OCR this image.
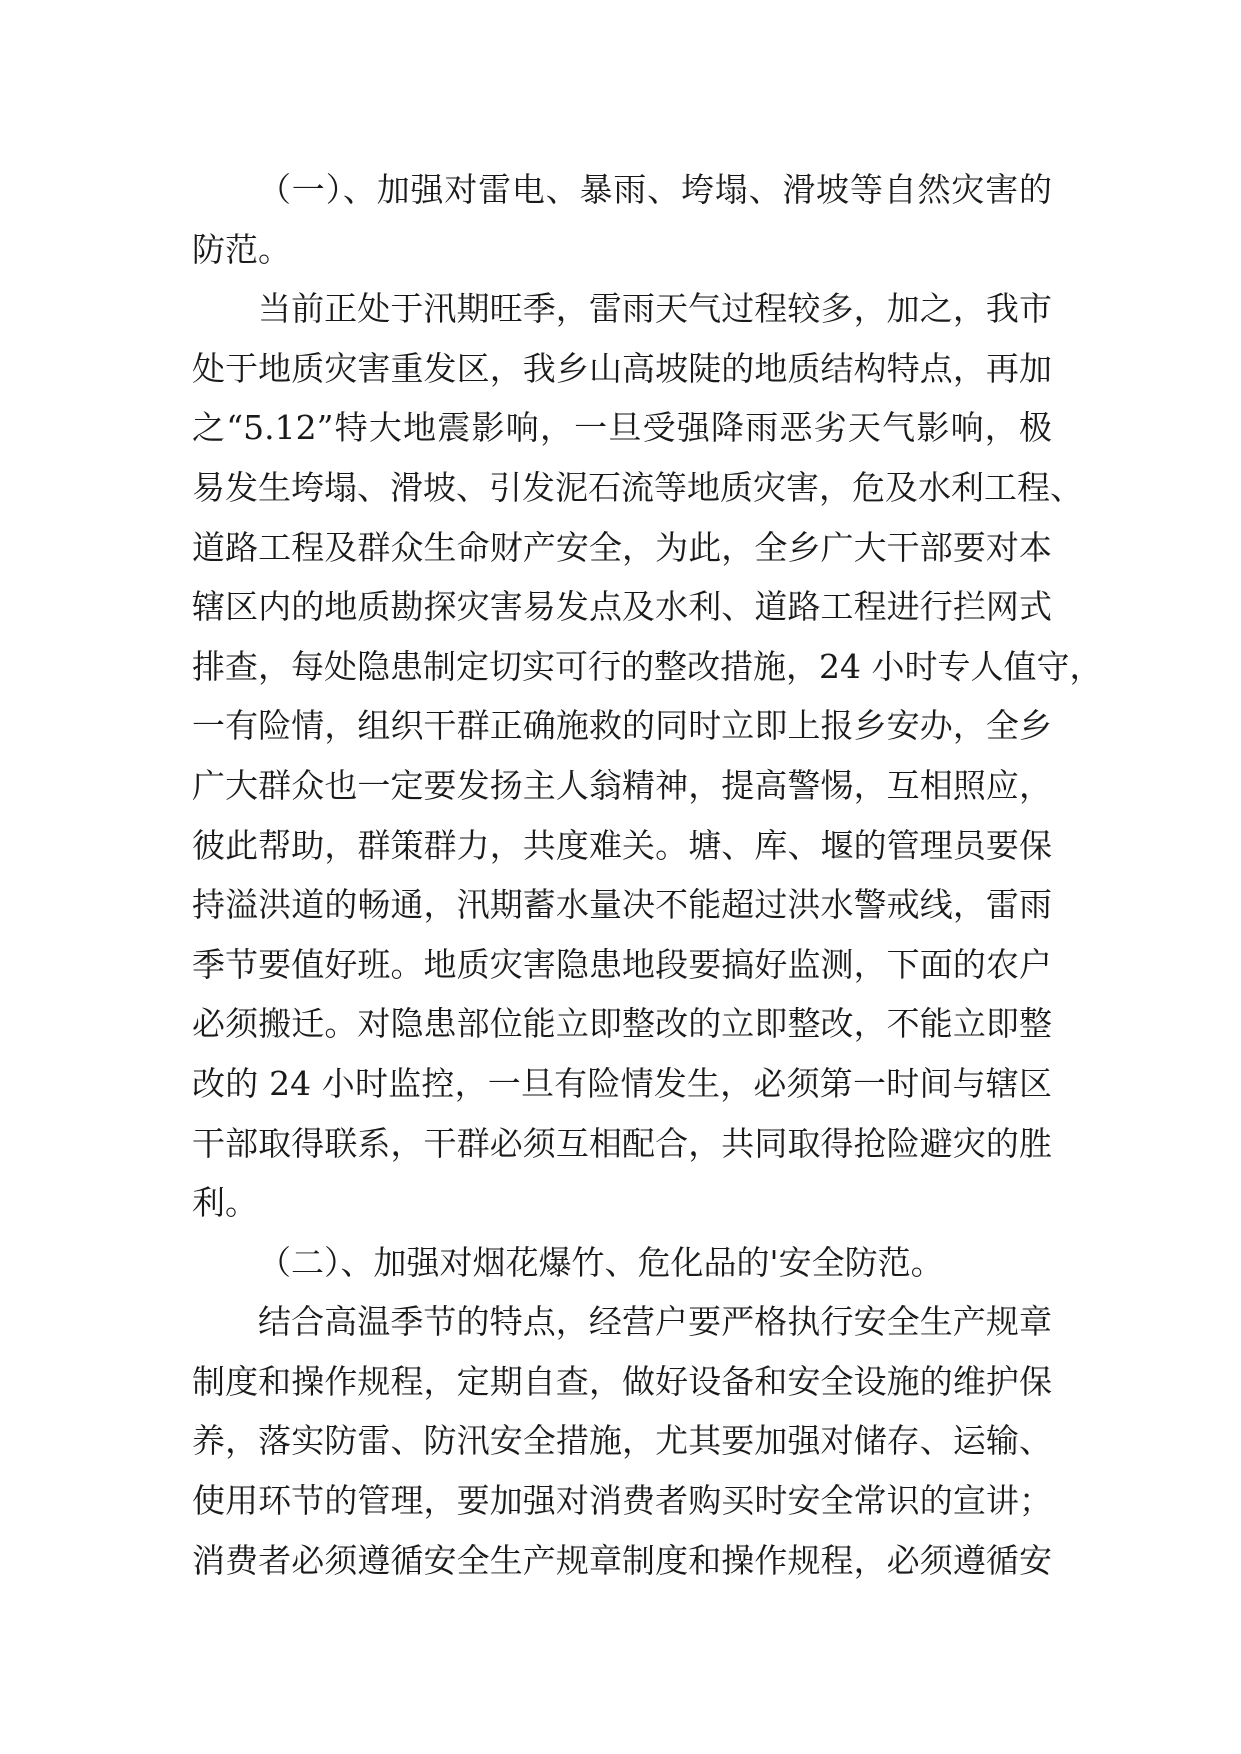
（一）、加强对雷电、暴雨、垮塌、滑坡等自然灾害的
防范。
当前正处于汛期旺季，雷雨天气过程较多，加之，我市
处于地质灾害重发区，我乡山高坡陡的地质结构特点，再加
之“5.12”特大地震影响，一旦受强降雨恶劣天气影响，极
易发生垮塌、滑坡、引发泥石流等地质灾害，危及水利工程、
道路工程及群众生命财产安全，为此，全乡广大干部要对本
辖区内的地质勘探灾害易发点及水利、道路工程进行拦网式
排查，每处隐患制定切实可行的整改措施，24 小时专人值守，
一有险情，组织干群正确施救的同时立即上报乡安办，全乡
广大群众也一定要发扬主人翁精神，提高警惕，互相照应，
彼此帮助，群策群力，共度难关。塘、库、堰的管理员要保
持溢洪道的畅通，汛期蓄水量决不能超过洪水警戒线，雷雨
季节要值好班。地质灾害隐患地段要搞好监测，下面的农户
必须搬迁。对隐患部位能立即整改的立即整改，不能立即整
改的 24 小时监控，一旦有险情发生，必须第一时间与辖区
干部取得联系，干群必须互相配合，共同取得抢险避灾的胜
利。
（二）、加强对烟花爆竹、危化品的'安全防范。
结合高温季节的特点，经营户要严格执行安全生产规章
制度和操作规程，定期自查，做好设备和安全设施的维护保
养，落实防雷、防汛安全措施，尤其要加强对储存、运输、
使用环节的管理，要加强对消费者购买时安全常识的宣讲；
消费者必须遵循安全生产规章制度和操作规程，必须遵循安
